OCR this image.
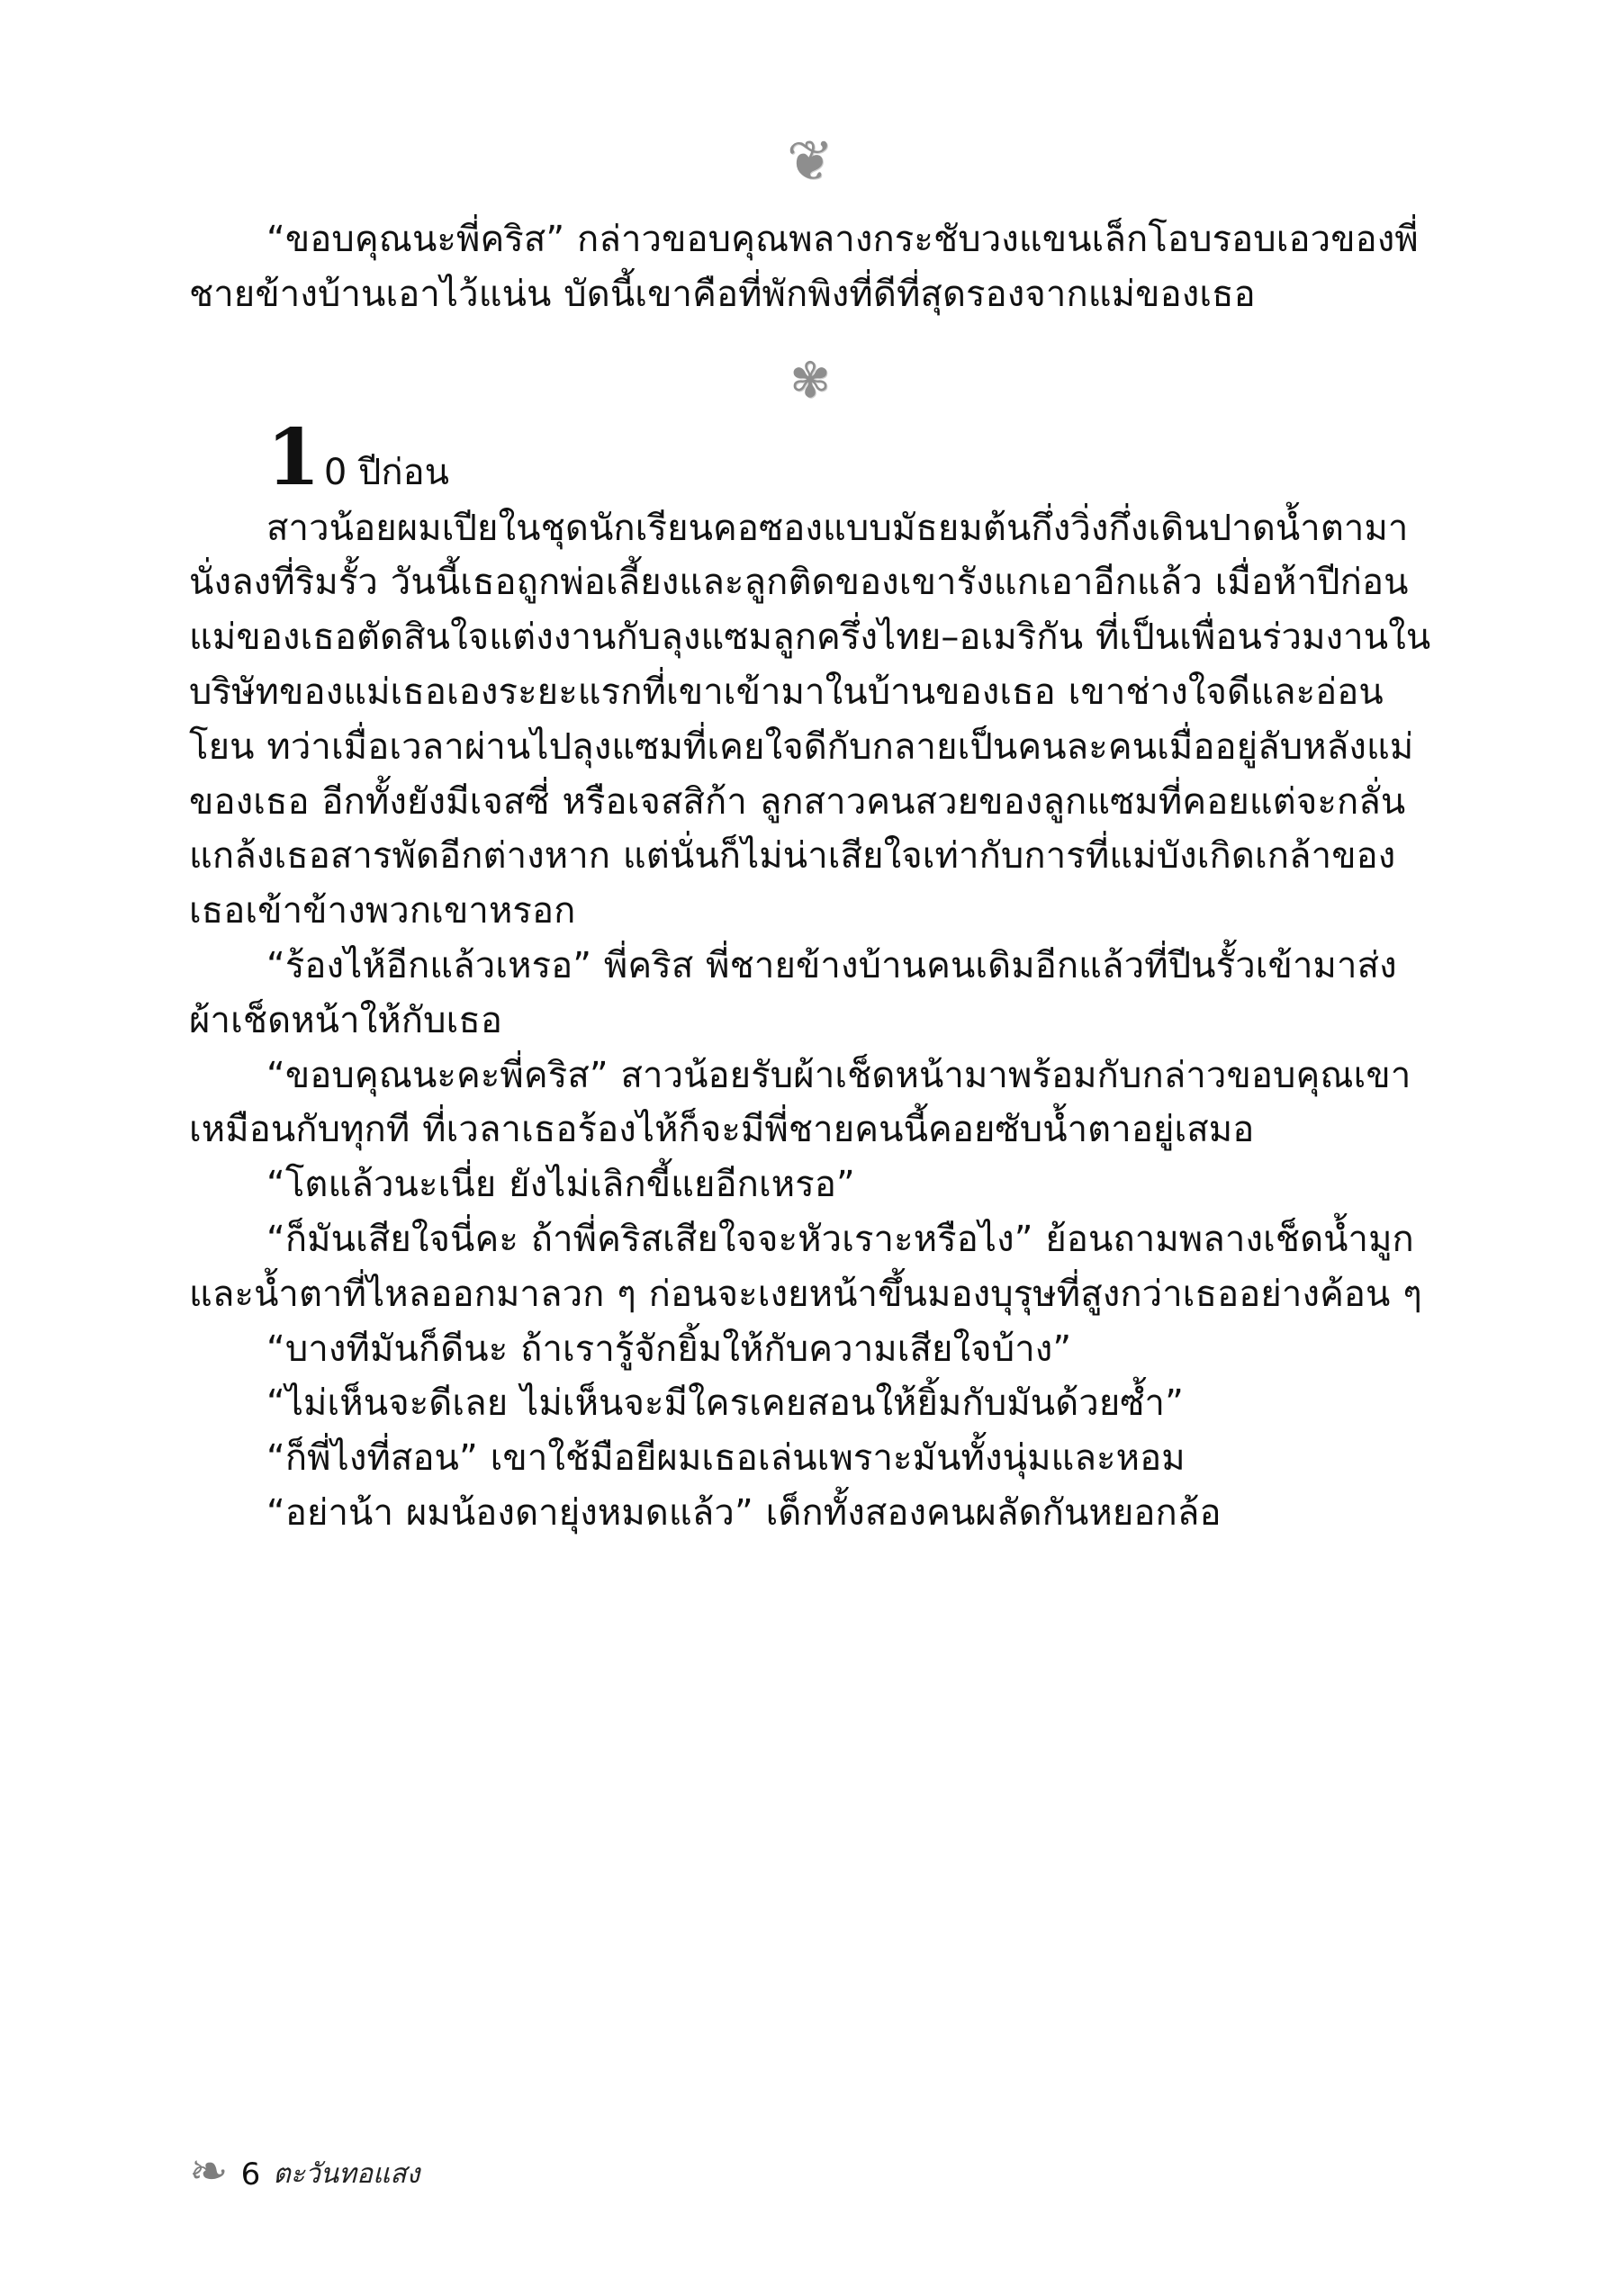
❦

“ขอบคุณนะพี่คริส” กล่าวขอบคุณพลางกระชับวงแขนเล็กโอบรอบเอวของพี่ชายข้างบ้านเอาไว้แน่น บัดนี้เขาคือที่พักพิงที่ดีที่สุดรองจากแม่ของเธอ

✾
1 0 ปีก่อน

สาวน้อยผมเปียในชุดนักเรียนคอซองแบบมัธยมต้นกึ่งวิ่งกึ่งเดินปาดน้ำตามานั่งลงที่ริมรั้ว วันนี้เธอถูกพ่อเลี้ยงและลูกติดของเขารังแกเอาอีกแล้ว เมื่อห้าปีก่อน แม่ของเธอตัดสินใจแต่งงานกับลุงแซมลูกครึ่งไทย–อเมริกัน ที่เป็นเพื่อนร่วมงานในบริษัทของแม่เธอเองระยะแรกที่เขาเข้ามาในบ้านของเธอ เขาช่างใจดีและอ่อนโยน ทว่าเมื่อเวลาผ่านไปลุงแซมที่เคยใจดีกับกลายเป็นคนละคนเมื่ออยู่ลับหลังแม่ของเธอ อีกทั้งยังมีเจสซี่ หรือเจสสิก้า ลูกสาวคนสวยของลูกแซมที่คอยแต่จะกลั่นแกล้งเธอสารพัดอีกต่างหาก แต่นั่นก็ไม่น่าเสียใจเท่ากับการที่แม่บังเกิดเกล้าของเธอเข้าข้างพวกเขาหรอก

“ร้องไห้อีกแล้วเหรอ” พี่คริส พี่ชายข้างบ้านคนเดิมอีกแล้วที่ปีนรั้วเข้ามาส่งผ้าเช็ดหน้าให้กับเธอ

“ขอบคุณนะคะพี่คริส” สาวน้อยรับผ้าเช็ดหน้ามาพร้อมกับกล่าวขอบคุณเขาเหมือนกับทุกที ที่เวลาเธอร้องไห้ก็จะมีพี่ชายคนนี้คอยซับน้ำตาอยู่เสมอ

“โตแล้วนะเนี่ย ยังไม่เลิกขี้แยอีกเหรอ”

“ก็มันเสียใจนี่คะ ถ้าพี่คริสเสียใจจะหัวเราะหรือไง” ย้อนถามพลางเช็ดน้ำมูกและน้ำตาที่ไหลออกมาลวก ๆ ก่อนจะเงยหน้าขึ้นมองบุรุษที่สูงกว่าเธออย่างค้อน ๆ

“บางทีมันก็ดีนะ ถ้าเรารู้จักยิ้มให้กับความเสียใจบ้าง”

“ไม่เห็นจะดีเลย ไม่เห็นจะมีใครเคยสอนให้ยิ้มกับมันด้วยซ้ำ”

“ก็พี่ไงที่สอน” เขาใช้มือยีผมเธอเล่นเพราะมันทั้งนุ่มและหอม

“อย่าน้า ผมน้องดายุ่งหมดแล้ว” เด็กทั้งสองคนผลัดกันหยอกล้อ

❧ 6 ตะวันทอแสง
